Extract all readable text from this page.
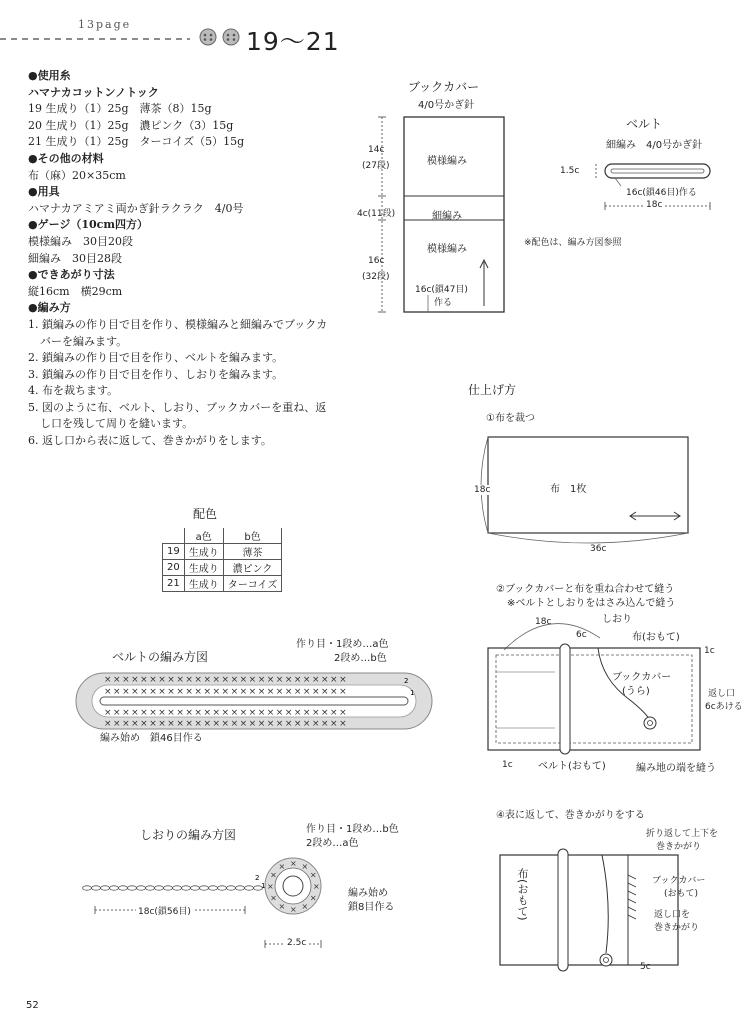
13page
19〜21
●使用糸
ハマナカコットンノトック
19 生成り（1）25g　薄茶（8）15g
20 生成り（1）25g　濃ピンク（3）15g
21 生成り（1）25g　ターコイズ（5）15g
●その他の材料
布（麻）20×35cm
●用具
ハマナカアミアミ両かぎ針ラクラク　4/0号
●ゲージ（10cm四方）
模様編み　30目20段
細編み　30目28段
●できあがり寸法
縦16cm　横29cm
●編み方
1. 鎖編みの作り目で目を作り、模様編みと細編みでブックカバーを編みます。
2. 鎖編みの作り目で目を作り、ベルトを編みます。
3. 鎖編みの作り目で目を作り、しおりを編みます。
4. 布を裁ちます。
5. 図のように布、ベルト、しおり、ブックカバーを重ね、返し口を残して周りを縫います。
6. 返し口から表に返して、巻きかがりをします。
配色
	a色	b色
19	生成り	薄茶
20	生成り	濃ピンク
21	生成り	ターコイズ
ブックカバー
4/0号かぎ針
14c
(27段)	模様編み
4c(11段)	細編み
16c
(32段)
模様編み
16c(鎖47目)
作る
ベルト
細編み　4/0号かぎ針
1.5c
16c(鎖46目)作る
18c
※配色は、編み方図参照
仕上げ方
①布を裁つ
18c	布　1枚
36c
②ブックカバーと布を重ね合わせて縫う
※ベルトとしおりをはさみ込んで縫う
18c
6c
しおり
布(おもて)
ブックカバー
(うら)
1c
返し口
6cあける
1c	ベルト(おもて)	編み地の端を縫う
④表に返して、巻きかがりをする
折り返して上下を
巻きかがり
布(おもて)	ブックカバー
(おもて)
返し口を
巻きかがり
5c
ベルトの編み方図
作り目・1段め…a色
2段め…b色
×××××××××××××××××××××××××××
×××××××××××××××××××××××××××
×××××××××××××××××××××××××××
×××××××××××××××××××××××××××
2
1
編み始め　鎖46目作る
しおりの編み方図	作り目・1段め…b色
2段め…a色
×
×
×
×
×
×
×
×
× × ×
×
2
1
編み始め
鎖8目作る
18c(鎖56目)
2.5c
52
